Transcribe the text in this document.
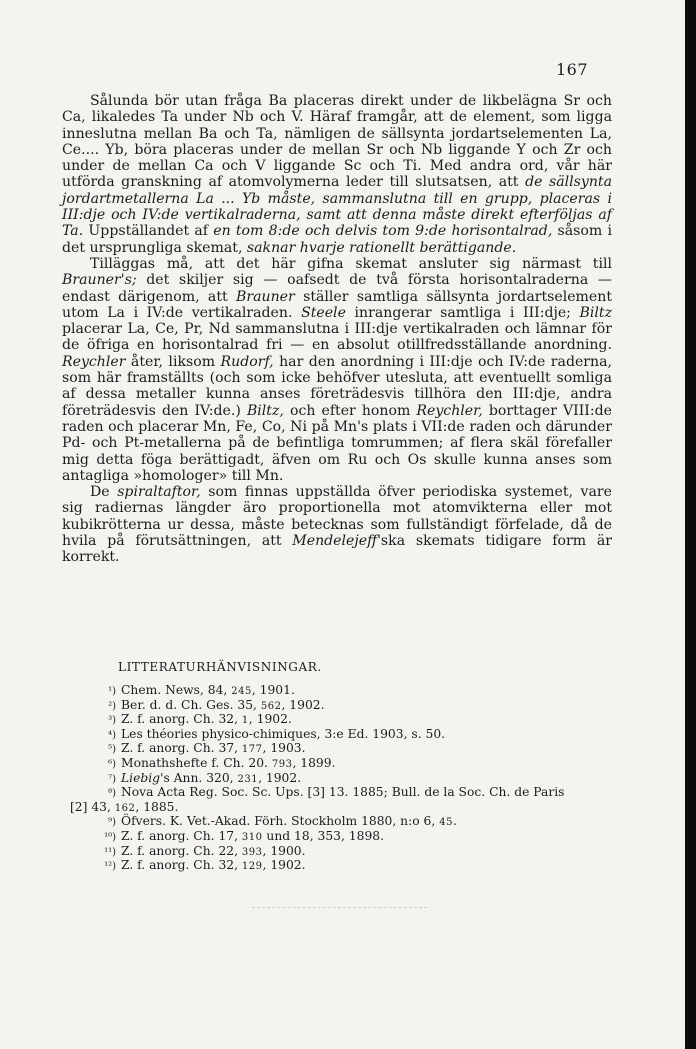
167

Sålunda bör utan fråga Ba placeras direkt under de likbelägna Sr och Ca, likaledes Ta under Nb och V. Häraf framgår, att de element, som ligga inneslutna mellan Ba och Ta, nämligen de sällsynta jordartselementen La, Ce.... Yb, böra placeras under de mellan Sr och Nb liggande Y och Zr och under de mellan Ca och V liggande Sc och Ti. Med andra ord, vår här utförda granskning af atomvolymerna leder till slutsatsen, att de sällsynta jordartmetallerna La ... Yb måste, sammanslutna till en grupp, placeras i III:dje och IV:de vertikalraderna, samt att denna måste direkt efterföljas af Ta. Uppställandet af en tom 8:de och delvis tom 9:de horisontalrad, såsom i det ursprungliga skemat, saknar hvarje rationellt berättigande.

Tilläggas må, att det här gifna skemat ansluter sig närmast till Brauner's; det skiljer sig — oafsedt de två första horisontalraderna — endast därigenom, att Brauner ställer samtliga sällsynta jordartselement utom La i IV:de vertikalraden. Steele inrangerar samtliga i III:dje; Biltz placerar La, Ce, Pr, Nd sammanslutna i III:dje vertikalraden och lämnar för de öfriga en horisontalrad fri — en absolut otillfredsställande anordning. Reychler åter, liksom Rudorf, har den anordning i III:dje och IV:de raderna, som här framställts (och som icke behöfver utesluta, att eventuellt somliga af dessa metaller kunna anses företrädesvis tillhöra den III:dje, andra företrädesvis den IV:de.) Biltz, och efter honom Reychler, borttager VIII:de raden och placerar Mn, Fe, Co, Ni på Mn's plats i VII:de raden och därunder Pd- och Pt-metallerna på de befintliga tomrummen; af flera skäl förefaller mig detta föga berättigadt, äfven om Ru och Os skulle kunna anses som antagliga »homologer» till Mn.

De spiraltaftor, som finnas uppställda öfver periodiska systemet, vare sig radiernas längder äro proportionella mot atomvikterna eller mot kubikrötterna ur dessa, måste betecknas som fullständigt förfelade, då de hvila på förutsättningen, att Mendelejeff'ska skemats tidigare form är korrekt.

LITTERATURHÄNVISNINGAR.
¹) Chem. News, 84, 245, 1901.
²) Ber. d. d. Ch. Ges. 35, 562, 1902.
³) Z. f. anorg. Ch. 32, 1, 1902.
⁴) Les théories physico-chimiques, 3:e Ed. 1903, s. 50.
⁵) Z. f. anorg. Ch. 37, 177, 1903.
⁶) Monathshefte f. Ch. 20. 793, 1899.
⁷) Liebig's Ann. 320, 231, 1902.
⁸) Nova Acta Reg. Soc. Sc. Ups. [3] 13. 1885; Bull. de la Soc. Ch. de Paris
[2] 43, 162, 1885.
⁹) Öfvers. K. Vet.-Akad. Förh. Stockholm 1880, n:o 6, 45.
¹⁰) Z. f. anorg. Ch. 17, 310 und 18, 353, 1898.
¹¹) Z. f. anorg. Ch. 22, 393, 1900.
¹²) Z. f. anorg. Ch. 32, 129, 1902.
